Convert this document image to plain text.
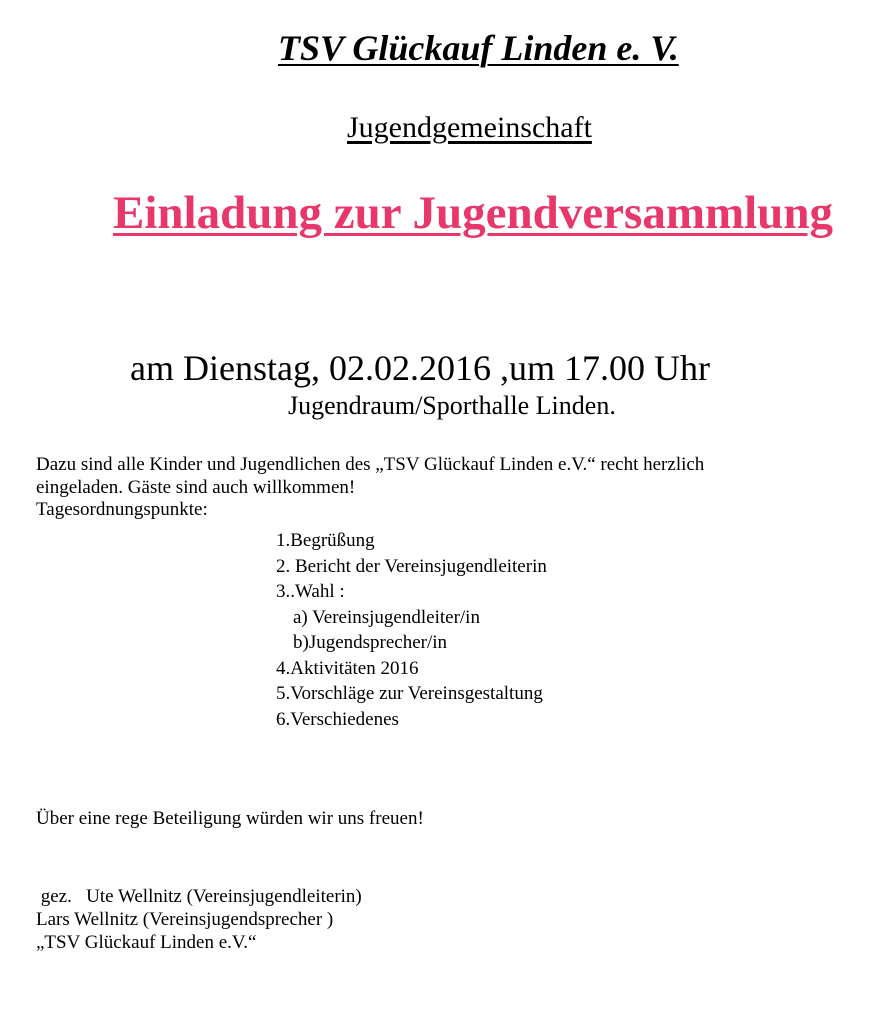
TSV Glückauf Linden e. V.
Jugendgemeinschaft
Einladung zur Jugendversammlung
am Dienstag, 02.02.2016 ,um 17.00 Uhr
Jugendraum/Sporthalle Linden.
Dazu sind alle Kinder und Jugendlichen des „TSV Glückauf Linden e.V.“ recht herzlich
eingeladen. Gäste sind auch willkommen!
Tagesordnungspunkte:
1.Begrüßung
2. Bericht der Vereinsjugendleiterin
3..Wahl :
a) Vereinsjugendleiter/in
b)Jugendsprecher/in
4.Aktivitäten 2016
5.Vorschläge zur Vereinsgestaltung
6.Verschiedenes
Über eine rege Beteiligung würden wir uns freuen!
gez.   Ute Wellnitz (Vereinsjugendleiterin)
Lars Wellnitz (Vereinsjugendsprecher )
„TSV Glückauf Linden e.V.“
